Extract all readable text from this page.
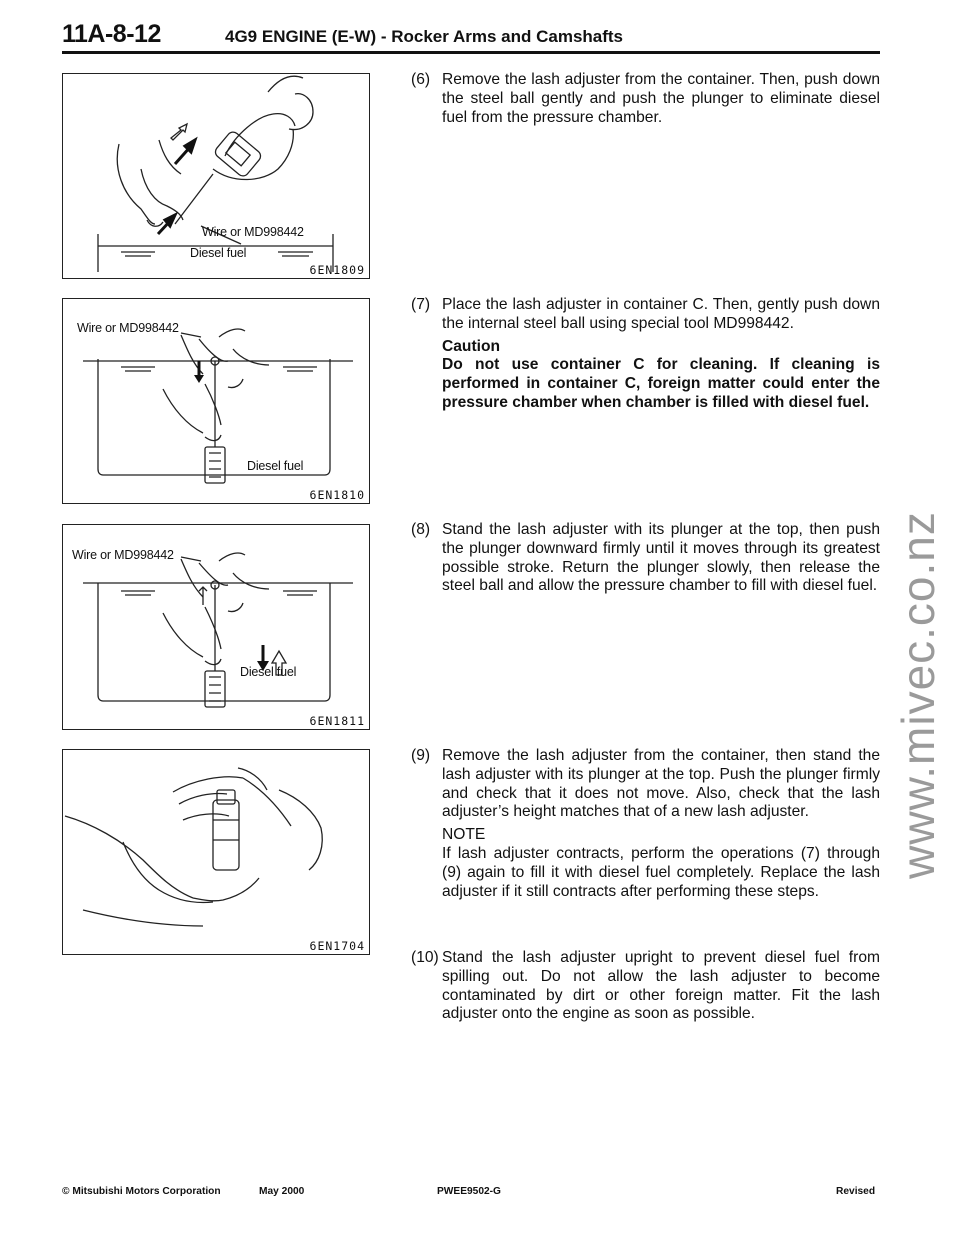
11A-8-12	4G9 ENGINE (E-W) - Rocker Arms and Camshafts
Wire or MD998442
Diesel fuel
6EN1809
Wire or MD998442
Diesel fuel
6EN1810
Wire or MD998442
Diesel fuel
6EN1811
6EN1704
(6) Remove the lash adjuster from the container. Then, push down the steel ball gently and push the plunger to eliminate diesel fuel from the pressure chamber.

(7) Place the lash adjuster in container C. Then, gently push down the internal steel ball using special tool MD998442.

Caution

Do not use container C for cleaning. If cleaning is performed in container C, foreign matter could enter the pressure chamber when chamber is filled with diesel fuel.

(8) Stand the lash adjuster with its plunger at the top, then push the plunger downward firmly until it moves through its greatest possible stroke. Return the plunger slowly, then release the steel ball and allow the pressure chamber to fill with diesel fuel.

(9) Remove the lash adjuster from the container, then stand the lash adjuster with its plunger at the top. Push the plunger firmly and check that it does not move. Also, check that the lash adjuster’s height matches that of a new lash adjuster.

NOTE

If lash adjuster contracts, perform the operations (7) through (9) again to fill it with diesel fuel completely. Replace the lash adjuster if it still contracts after performing these steps.

(10) Stand the lash adjuster upright to prevent diesel fuel from spilling out. Do not allow the lash adjuster to become contaminated by dirt or other foreign matter. Fit the lash adjuster onto the engine as soon as possible.

www.mivec.co.nz
© Mitsubishi Motors Corporation	May 2000	PWEE9502-G	Revised
